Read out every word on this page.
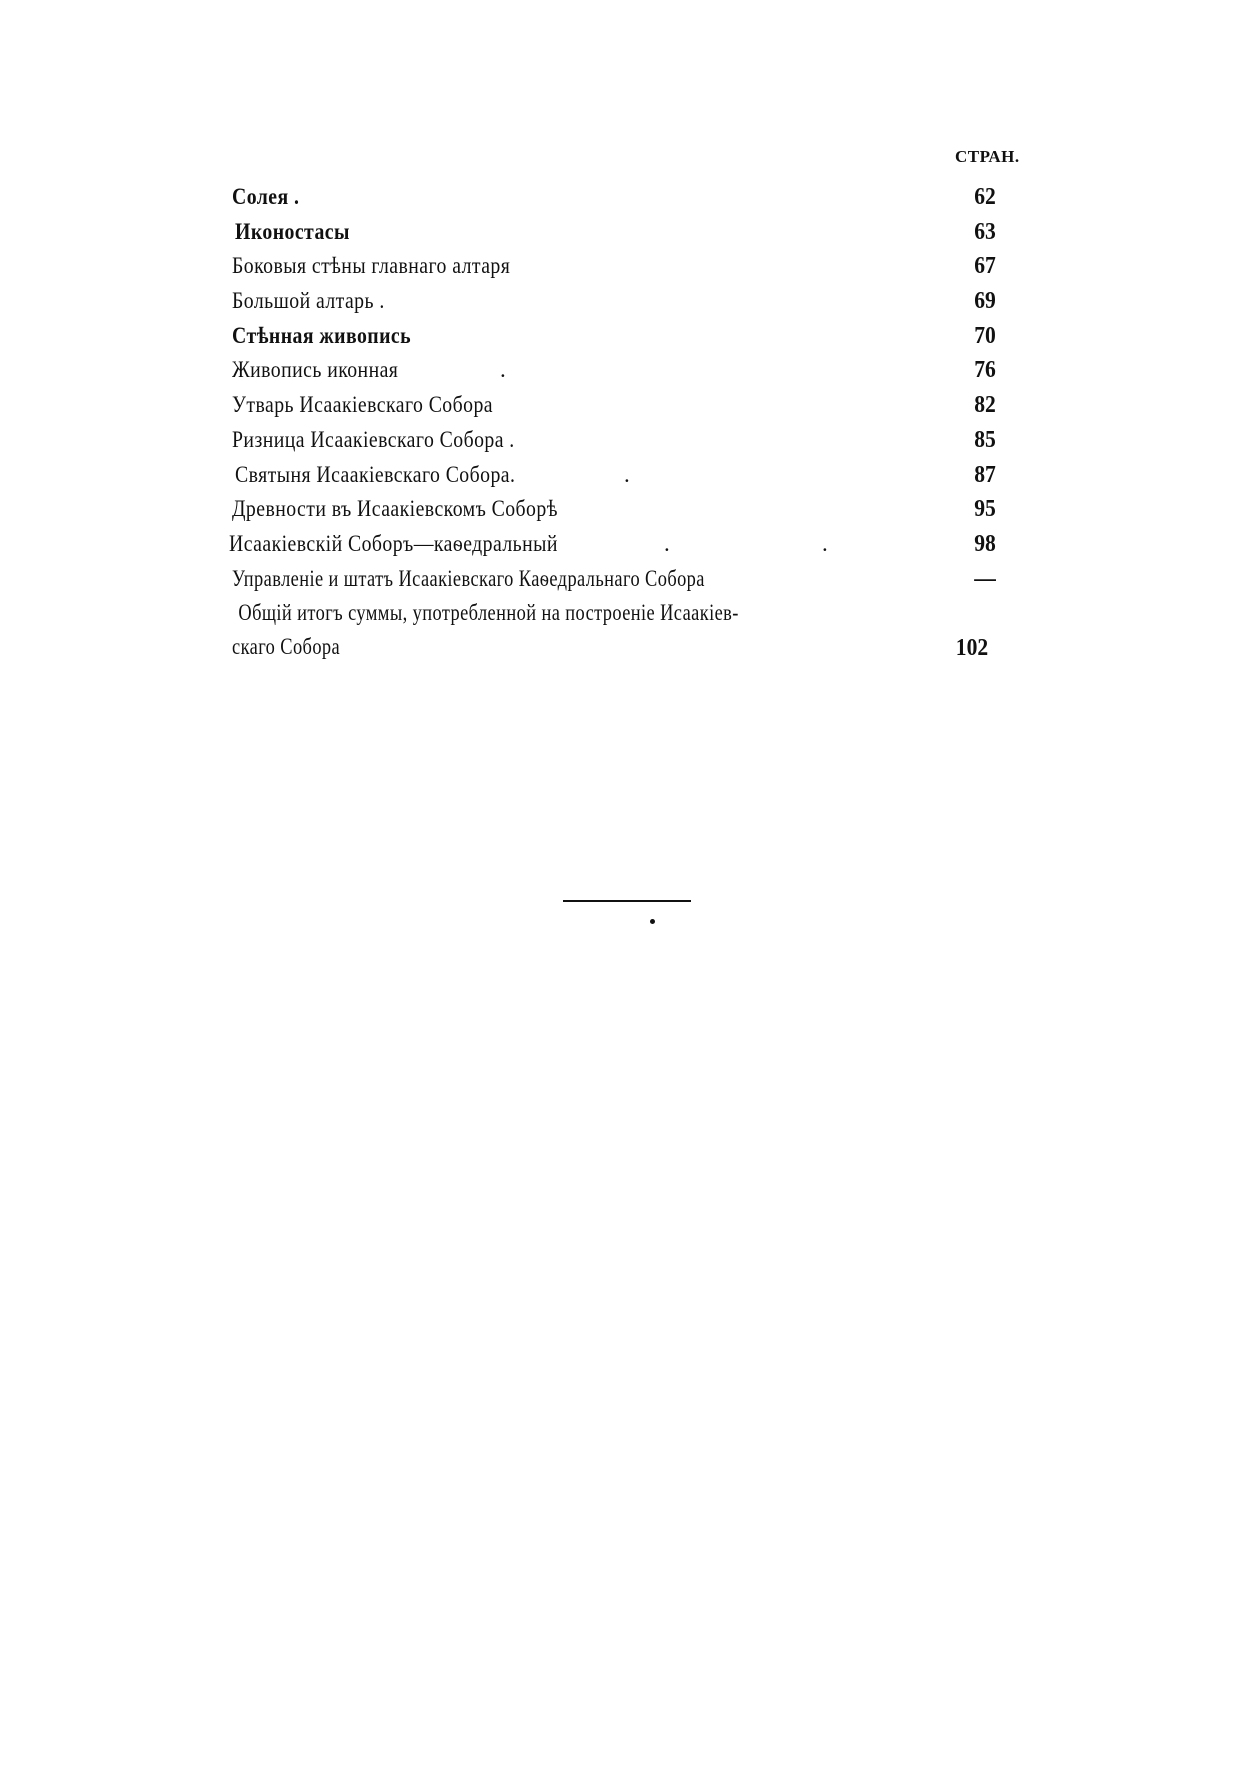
СТРАН.
Солея .	62
Иконостасы	63
Боковыя стѣны главнаго алтаря	67
Большой алтарь .	69
Стѣнная живопись	70
Живопись иконная	.	76
Утварь Исаакіевскаго Собора	82
Ризница Исаакіевскаго Собора .	85
Святыня Исаакіевскаго Собора.	.	87
Древности въ Исаакіевскомъ Соборѣ	95
Исаакіевскій Соборъ—каѳедральный	.	.	98
Управленіе и штатъ Исаакіевскаго Каѳедральнаго Собора	—
Общій итогъ суммы, употребленной на построеніе Исаакіев-
скаго Собора	102
